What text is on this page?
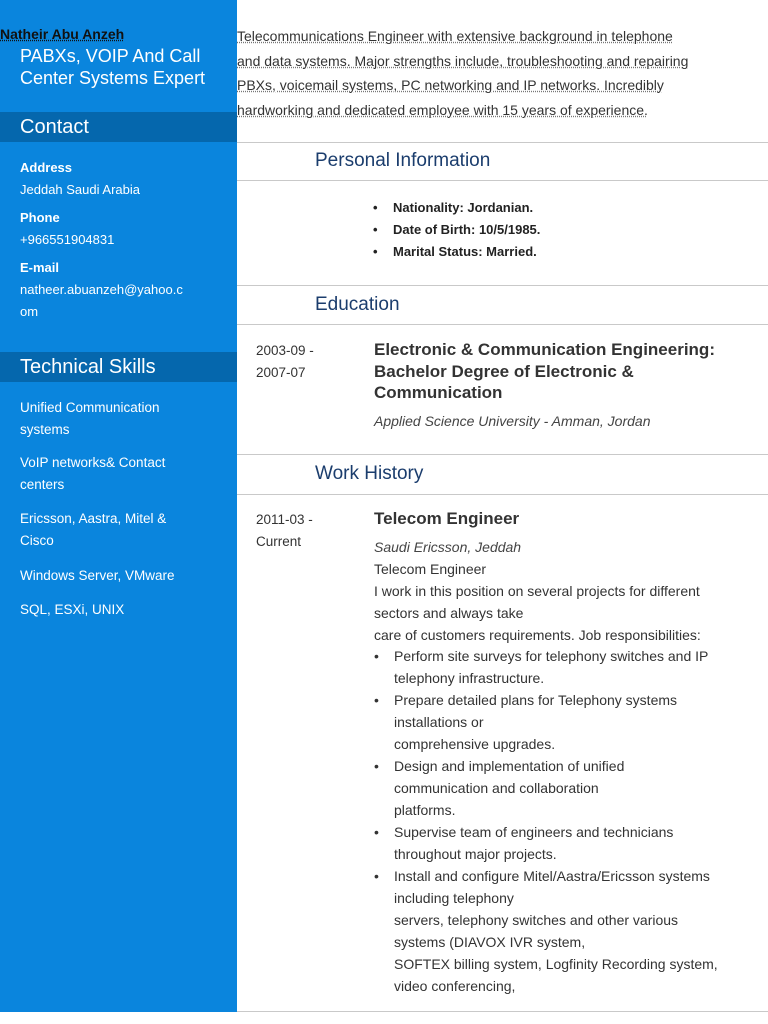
PABXs, VOIP And Call
Center Systems Expert
Contact
Address
Jeddah Saudi Arabia
Phone
+966551904831
E-mail
natheer.abuanzeh@yahoo.c
om
Technical Skills
Unified Communication
systems
VoIP networks& Contact
centers
Ericsson, Aastra, Mitel &
Cisco
Windows Server, VMware
SQL, ESXi, UNIX
Natheir Abu Anzeh	Telecommunications Engineer with extensive background in telephone
and data systems. Major strengths include, troubleshooting and repairing
PBXs, voicemail systems, PC networking and IP networks. Incredibly
hardworking and dedicated employee with 15 years of experience.
Personal Information
• Nationality: Jordanian.
• Date of Birth: 10/5/1985.
• Marital Status: Married.
Education
2003-09 -
2007-07
Electronic & Communication Engineering:
Bachelor Degree of Electronic &
Communication
Applied Science University - Amman, Jordan
Work History
2011-03 -
Current
Telecom Engineer
Saudi Ericsson, Jeddah
Telecom Engineer
I work in this position on several projects for different
sectors and always take
care of customers requirements. Job responsibilities:
• Perform site surveys for telephony switches and IP
telephony infrastructure.
• Prepare detailed plans for Telephony systems
installations or
comprehensive upgrades.
• Design and implementation of unified
communication and collaboration
platforms.
• Supervise team of engineers and technicians
throughout major projects.
• Install and configure Mitel/Aastra/Ericsson systems
including telephony
servers, telephony switches and other various
systems (DIAVOX IVR system,
SOFTEX billing system, Logfinity Recording system,
video conferencing,
